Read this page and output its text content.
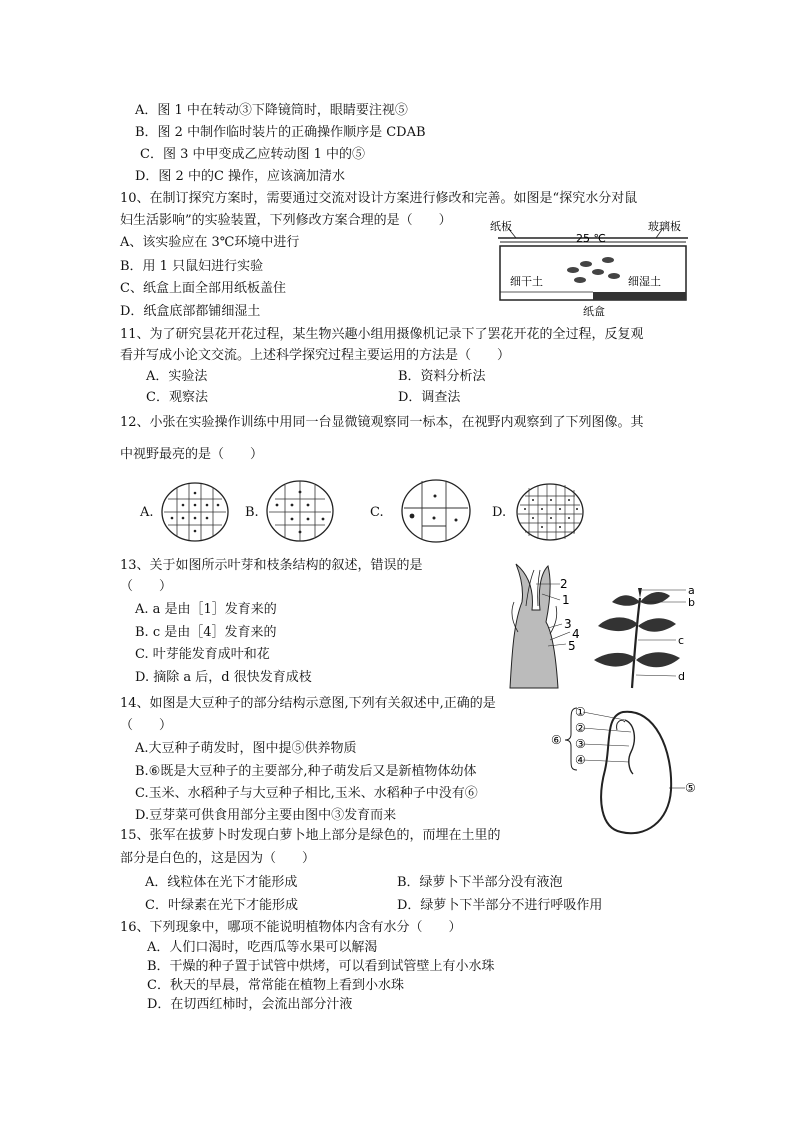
A．图 1 中在转动③下降镜筒时，眼睛要注视⑤
B．图 2 中制作临时装片的正确操作顺序是 CDAB
C．图 3 中甲变成乙应转动图 1 中的⑤
D．图 2 中的C 操作，应该滴加清水
10、在制订探究方案时，需要通过交流对设计方案进行修改和完善。如图是“探究水分对鼠
妇生活影响”的实验装置，下列修改方案合理的是（　　）
A、该实验应在 3℃环境中进行
B．用 1 只鼠妇进行实验
C、纸盒上面全部用纸板盖住
D．纸盒底部都铺细湿土
纸板
25 ℃
玻璃板
细干土	细湿土
纸盒
11、为了研究昙花开花过程，某生物兴趣小组用摄像机记录下了罢花开花的全过程，反复观
看并写成小论文交流。上述科学探究过程主要运用的方法是（　　）
A．实验法	B．资料分析法
C．观察法	D．调查法
12、小张在实验操作训练中用同一台显微镜观察同一标本，在视野内观察到了下列图像。其
中视野最亮的是（　　）
A.	B.	C.	D.
13、关于如图所示叶芽和枝条结构的叙述，错误的是
（　　）
A. a 是由［1］发育来的
B. c 是由［4］发育来的
C. 叶芽能发育成叶和花
D. 摘除 a 后，d 很快发育成枝
2
1
3
4
5
a
b
c
d
14、如图是大豆种子的部分结构示意图,下列有关叙述中,正确的是
（　　）
A.大豆种子萌发时，图中提⑤供养物质
B.⑥既是大豆种子的主要部分,种子萌发后又是新植物体幼体
C.玉米、水稻种子与大豆种子相比,玉米、水稻种子中没有⑥
D.豆芽菜可供食用部分主要由图中③发育而来
①
②
③
④
⑥
⑤
15、张军在拔萝卜时发现白萝卜地上部分是绿色的，而埋在土里的
部分是白色的，这是因为（　　）
A．线粒体在光下才能形成	B．绿萝卜下半部分没有液泡
C．叶绿素在光下才能形成	D．绿萝卜下半部分不进行呼吸作用
16、下列现象中，哪项不能说明植物体内含有水分（　　）
A．人们口渴时，吃西瓜等水果可以解渴
B．干燥的种子置于试管中烘烤，可以看到试管壁上有小水珠
C．秋天的早晨，常常能在植物上看到小水珠
D．在切西红柿时，会流出部分汁液
